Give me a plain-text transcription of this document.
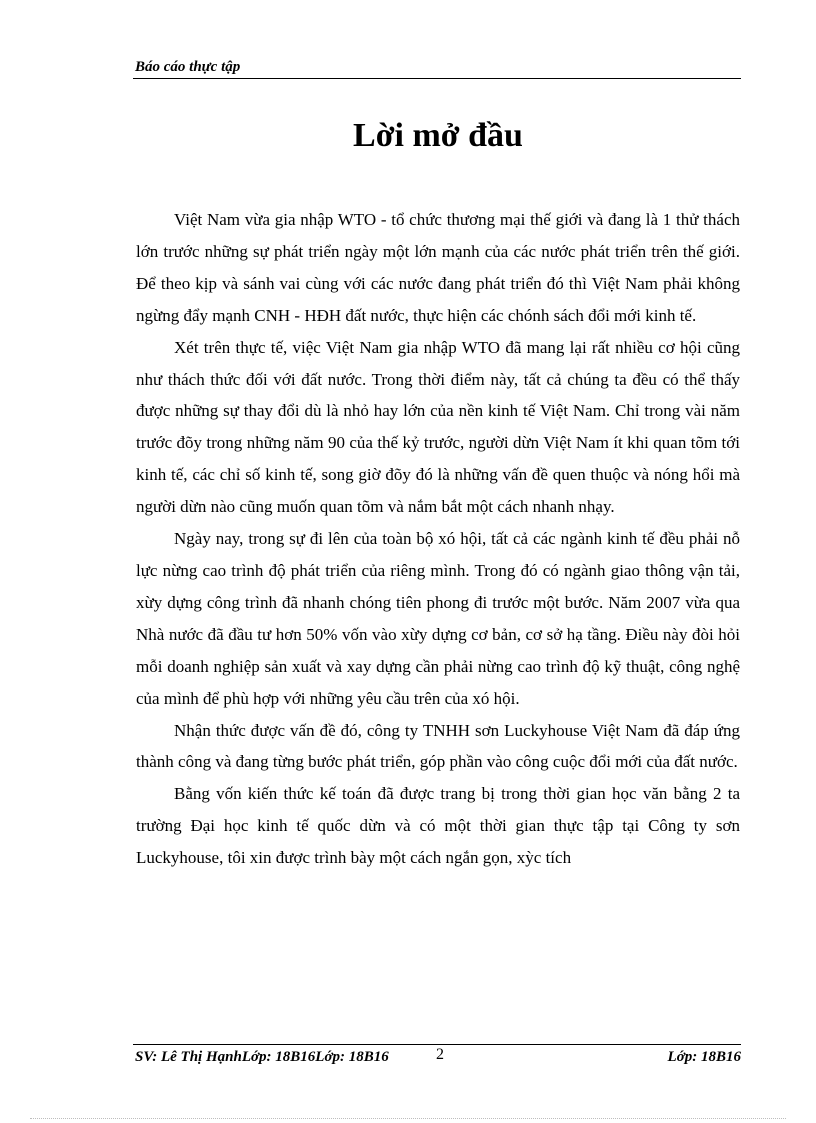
Báo cáo thực tập
Lời mở đầu

Việt Nam vừa gia nhập WTO - tổ chức thương mại thế giới và đang là 1 thử thách lớn trước những sự phát triển ngày một lớn mạnh của các nước phát triển trên thế giới. Để theo kịp và sánh vai cùng với các nước đang phát triển đó thì Việt Nam phải không ngừng đẩy mạnh CNH - HĐH đất nước, thực hiện các chónh sách đổi mới kinh tế.

Xét trên thực tế, việc Việt Nam gia nhập WTO đã mang lại rất nhiều cơ hội cũng như thách thức đối với đất nước. Trong thời điểm này, tất cả chúng ta đều có thể thấy được những sự thay đổi dù là nhỏ hay lớn của nền kinh tế Việt Nam. Chỉ trong vài năm trước đõy trong những năm 90 của thế kỷ trước, người dừn Việt Nam ít khi quan tõm tới kinh tế, các chỉ số kinh tế, song giờ đõy đó là những vấn đề quen thuộc và nóng hổi mà người dừn nào cũng muốn quan tõm và nắm bắt một cách nhanh nhạy.

Ngày nay, trong sự đi lên của toàn bộ xó hội, tất cả các ngành kinh tế đều phải nỗ lực nừng cao trình độ phát triển của riêng mình. Trong đó có ngành giao thông vận tải, xừy dựng công trình đã nhanh chóng tiên phong đi trước một bước. Năm 2007 vừa qua Nhà nước đã đầu tư hơn 50% vốn vào xừy dựng cơ bản, cơ sở hạ tầng. Điều này đòi hỏi mỗi doanh nghiệp sản xuất và xay dựng cần phải nừng cao trình độ kỹ thuật, công nghệ của mình để phù hợp với những yêu cầu trên của xó hội.

Nhận thức được vấn đề đó, công ty TNHH sơn Luckyhouse Việt Nam đã đáp ứng thành công và đang từng bước phát triển, góp phần vào công cuộc đổi mới của đất nước.

Bằng vốn kiến thức kế toán đã được trang bị trong thời gian học văn bằng 2 ta trường Đại học kinh tế quốc dừn và có một thời gian thực tập tại Công ty sơn Luckyhouse, tôi xin được trình bày một cách ngắn gọn, xỳc tích

SV: Lê Thị HạnhLớp: 18B16Lớp: 18B16	2	Lớp: 18B16
